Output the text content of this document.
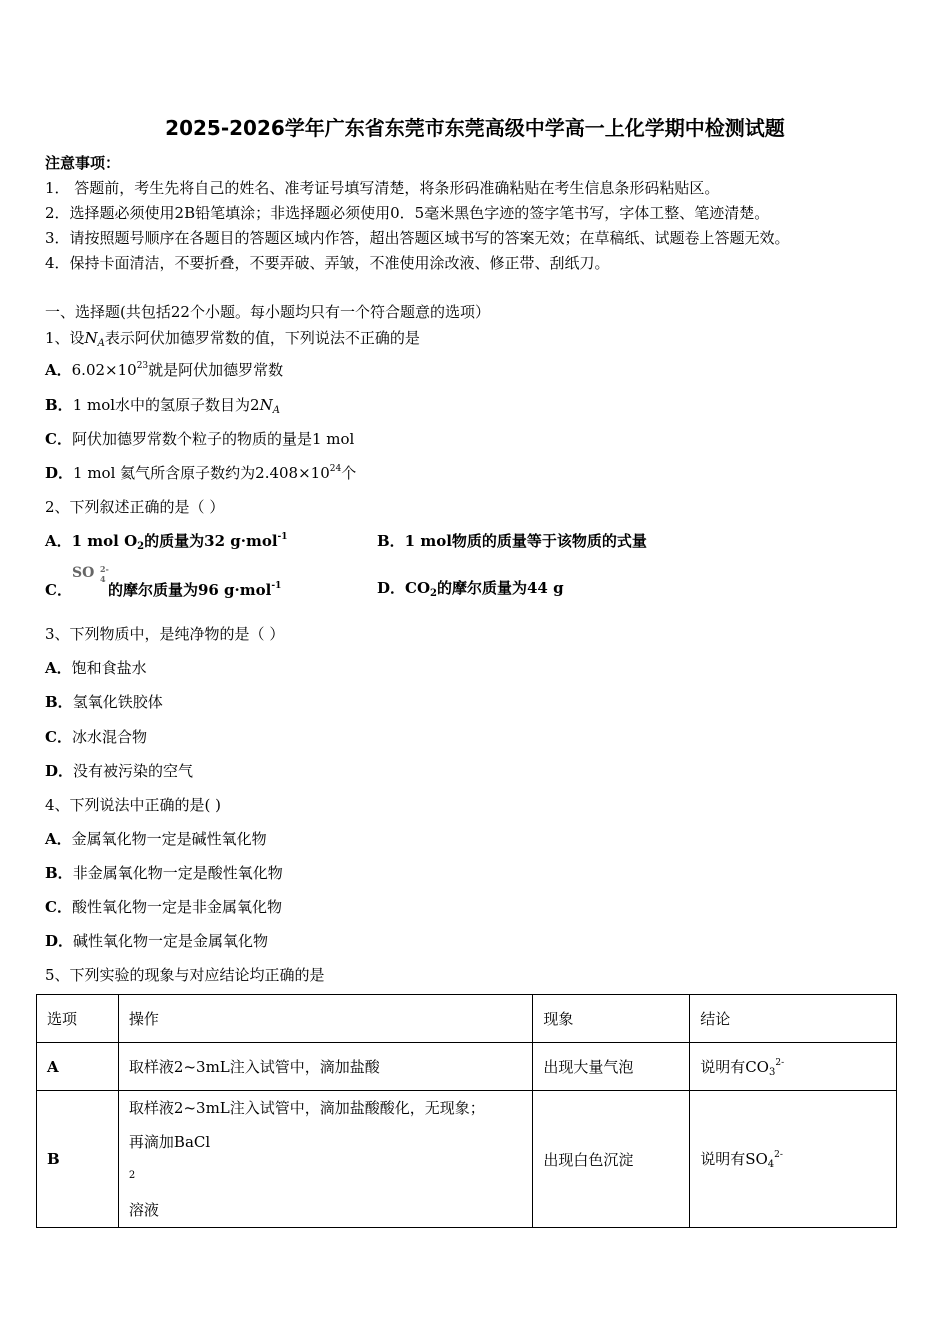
2025-2026学年广东省东莞市东莞高级中学高一上化学期中检测试题
注意事项：
1． 答题前，考生先将自己的姓名、准考证号填写清楚，将条形码准确粘贴在考生信息条形码粘贴区。
2．选择题必须使用2B铅笔填涂；非选择题必须使用0．5毫米黑色字迹的签字笔书写，字体工整、笔迹清楚。
3．请按照题号顺序在各题目的答题区域内作答，超出答题区域书写的答案无效；在草稿纸、试题卷上答题无效。
4．保持卡面清洁，不要折叠，不要弄破、弄皱，不准使用涂改液、修正带、刮纸刀。
一、选择题(共包括22个小题。每小题均只有一个符合题意的选项）
1、设$N_A$表示阿伏加德罗常数的值，下列说法不正确的是
A．$6.02\times 10^{23}$就是阿伏加德罗常数
B．1 mol水中的氢原子数目为$2N_A$
C．阿伏加德罗常数个粒子的物质的量是1 mol
D．1 mol 氦气所含原子数约为$2.408\times 10^{24}$个
2、下列叙述正确的是（ ）
A．1 mol $O_2$的质量为32 g·mol$^{-1}$	B．1 mol物质的质量等于该物质的式量
C．
SO 2-
4
的摩尔质量为96 g·mol$^{-1}$	D．$CO_2$的摩尔质量为44 g
3、下列物质中，是纯净物的是（ ）
A．饱和食盐水
B．氢氧化铁胶体
C．冰水混合物
D．没有被污染的空气
4、下列说法中正确的是( )
A．金属氧化物一定是碱性氧化物
B．非金属氧化物一定是酸性氧化物
C．酸性氧化物一定是非金属氧化物
D．碱性氧化物一定是金属氧化物
5、下列实验的现象与对应结论均正确的是
选项	操作	现象	结论
A	取样液2~3mL注入试管中，滴加盐酸	出现大量气泡	说明有$CO_3^{2-}$
B	取样液2~3mL注入试管中，滴加盐酸酸化，无现象；
再滴加BaCl
2
溶液	出现白色沉淀	说明有$SO_4^{2-}$
